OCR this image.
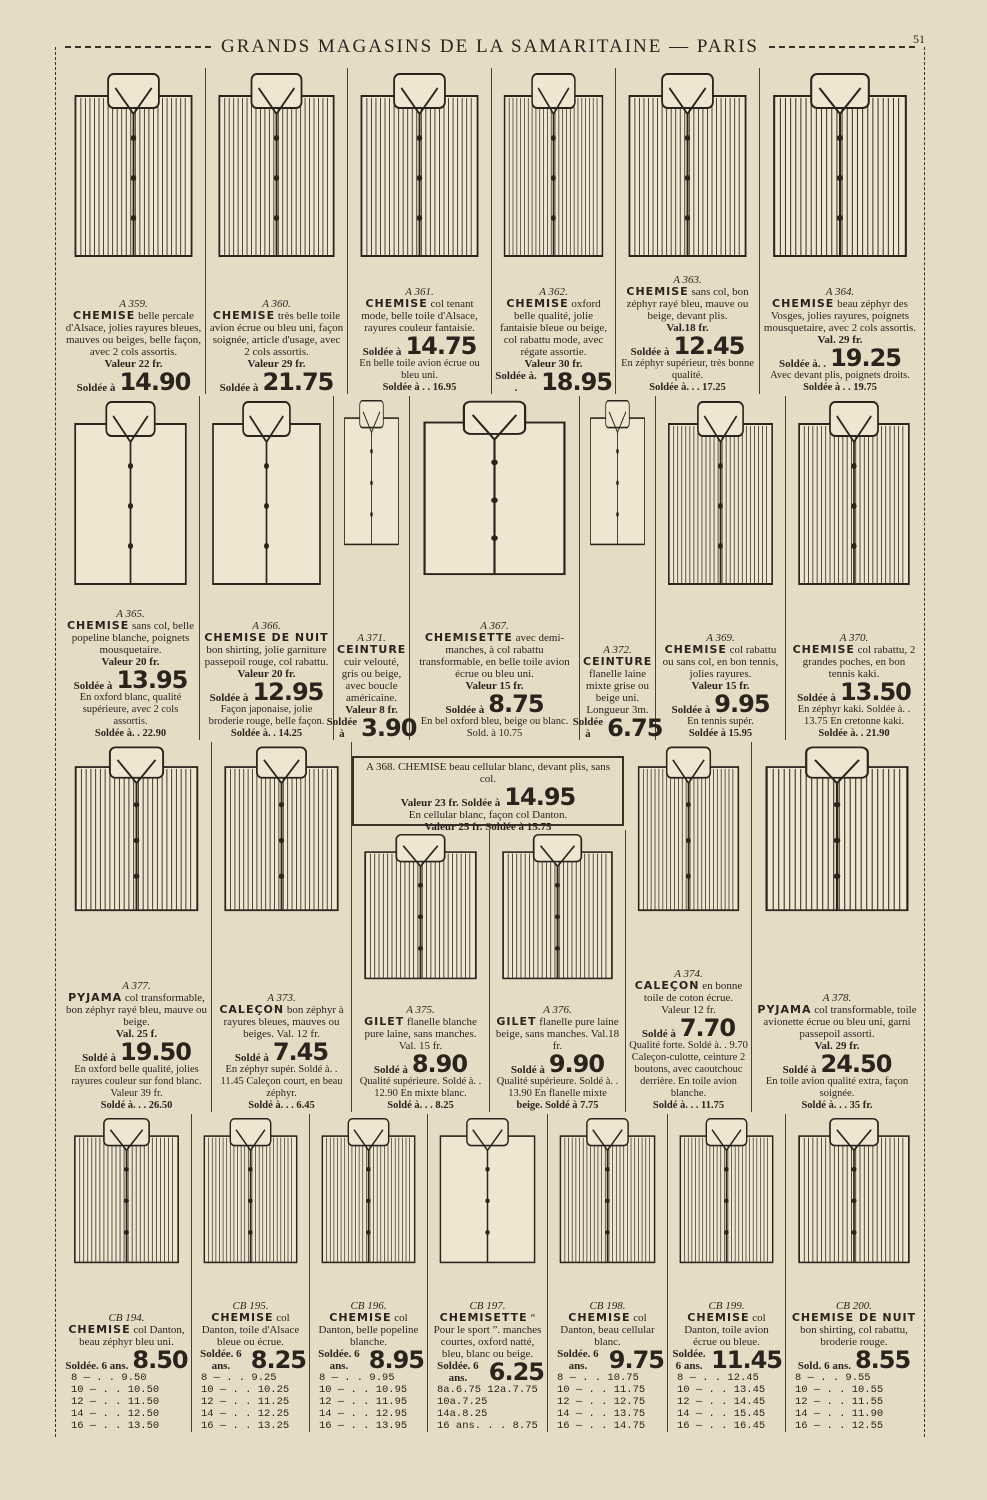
GRANDS MAGASINS DE LA SAMARITAINE — PARIS	51
A 359.
CHEMISE belle percale d'Alsace, jolies rayures bleues, mauves ou beiges, belle façon, avec 2 cols assortis.
Valeur 22 fr.
Soldée à 14.90
A 360.
CHEMISE très belle toile avion écrue ou bleu uni, façon soignée, article d'usage, avec 2 cols assortis.
Valeur 29 fr.
Soldée à 21.75
A 361.
CHEMISE col tenant mode, belle toile d'Alsace, rayures couleur fantaisie.
Soldée à 14.75
En belle toile avion écrue ou bleu uni.
Soldée à . . 16.95
A 362.
CHEMISE oxford belle qualité, jolie fantaisie bleue ou beige, col rabattu mode, avec régate assortie.
Valeur 30 fr.
Soldée à. . 18.95
A 363.
CHEMISE sans col, bon zéphyr rayé bleu, mauve ou beige, devant plis.
Val.18 fr.
Soldée à 12.45
En zéphyr supérieur, très bonne qualité.
Soldée à. . . 17.25
A 364.
CHEMISE beau zéphyr des Vosges, jolies rayures, poignets mousquetaire, avec 2 cols assortis.
Val. 29 fr.
Soldée à. . 19.25
Avec devant plis, poignets droits.
Soldée à . . 19.75
A 365.
CHEMISE sans col, belle popeline blanche, poignets mousquetaire.
Valeur 20 fr.
Soldée à 13.95
En oxford blanc, qualité supérieure, avec 2 cols assortis.
Soldée à. . 22.90
A 366.
CHEMISE DE NUIT bon shirting, jolie garniture passepoil rouge, col rabattu.
Valeur 20 fr.
Soldée à 12.95
Façon japonaise, jolie broderie rouge, belle façon.
Soldée à. . 14.25
A 371.
CEINTURE cuir velouté, gris ou beige, avec boucle américaine.
Valeur 8 fr.
Soldée à 3.90
A 367.
CHEMISETTE avec demi-manches, à col rabattu transformable, en belle toile avion écrue ou bleu uni.
Valeur 15 fr.
Soldée à 8.75
En bel oxford bleu, beige ou blanc. Sold. à 10.75
A 372.
CEINTURE flanelle laine mixte grise ou beige uni. Longueur 3m.
Soldée à 6.75
A 369.
CHEMISE col rabattu ou sans col, en bon tennis, jolies rayures.
Valeur 15 fr.
Soldée à 9.95
En tennis supér.
Soldée à 15.95
A 370.
CHEMISE col rabattu, 2 grandes poches, en bon tennis kaki.
Soldée à 13.50
En zéphyr kaki. Soldée à. . 13.75 En cretonne kaki.
Soldée à. . 21.90
A 368. CHEMISE beau cellular blanc, devant plis, sans col.
Valeur 23 fr. Soldée à 14.95
En cellular blanc, façon col Danton.
Valeur 25 fr. Soldée à 15.75
A 377.
PYJAMA col transformable, bon zéphyr rayé bleu, mauve ou beige.
Val. 25 f.
Soldé à 19.50
En oxford belle qualité, jolies rayures couleur sur fond blanc. Valeur 39 fr.
Soldé à. . . 26.50
A 373.
CALEÇON bon zéphyr à rayures bleues, mauves ou beiges. Val. 12 fr.
Soldé à 7.45
En zéphyr supér. Soldé à. . 11.45 Caleçon court, en beau zéphyr.
Soldé à. . . 6.45
A 375.
GILET flanelle blanche pure laine, sans manches. Val. 15 fr.
Soldé à 8.90
Qualité supérieure. Soldé à. . 12.90 En mixte blanc.
Soldé à. . . 8.25
A 376.
GILET flanelle pure laine beige, sans manches. Val.18 fr.
Soldé à 9.90
Qualité supérieure. Soldé à. . 13.90 En flanelle mixte
beige. Soldé à 7.75
A 374.
CALEÇON en bonne toile de coton écrue. Valeur 12 fr.
Soldé à 7.70
Qualité forte. Soldé à. . 9.70 Caleçon-culotte, ceinture 2 boutons, avec caoutchouc derrière. En toile avion blanche.
Soldé à. . . 11.75
A 378.
PYJAMA col transformable, toile avionette écrue ou bleu uni, garni passepoil assorti.
Val. 29 fr.
Soldé à 24.50
En toile avion qualité extra, façon soignée.
Soldé à. . . 35 fr.
CB 194.
CHEMISE col Danton, beau zéphyr bleu uni.
Soldée. 6 ans. 8.50
8 — . . 9.50
10 — . . 10.50
12 — . . 11.50
14 — . . 12.50
16 — . . 13.50
CB 195.
CHEMISE col Danton, toile d'Alsace bleue ou écrue.
Soldée. 6 ans. 8.25
8 — . . 9.25
10 — . . 10.25
12 — . . 11.25
14 — . . 12.25
16 — . . 13.25
CB 196.
CHEMISE col Danton, belle popeline blanche.
Soldée. 6 ans. 8.95
8 — . . 9.95
10 — . . 10.95
12 — . . 11.95
14 — . . 12.95
16 — . . 13.95
CB 197.
CHEMISETTE “ Pour le sport ”. manches courtes, oxford natté, bleu, blanc ou beige.
Soldée. 6 ans. 6.25
8a.6.75 12a.7.75
10a.7.25 14a.8.25
16 ans. . . 8.75
CB 198.
CHEMISE col Danton, beau cellular blanc.
Soldée. 6 ans. 9.75
8 — . . 10.75
10 — . . 11.75
12 — . . 12.75
14 — . . 13.75
16 — . . 14.75
CB 199.
CHEMISE col Danton, toile avion écrue ou bleue.
Soldée. 6 ans. 11.45
8 — . . 12.45
10 — . . 13.45
12 — . . 14.45
14 — . . 15.45
16 — . . 16.45
CB 200.
CHEMISE DE NUIT bon shirting, col rabattu, broderie rouge.
Sold. 6 ans. 8.55
8 — . . 9.55
10 — . . 10.55
12 — . . 11.55
14 — . . 11.90
16 — . . 12.55
